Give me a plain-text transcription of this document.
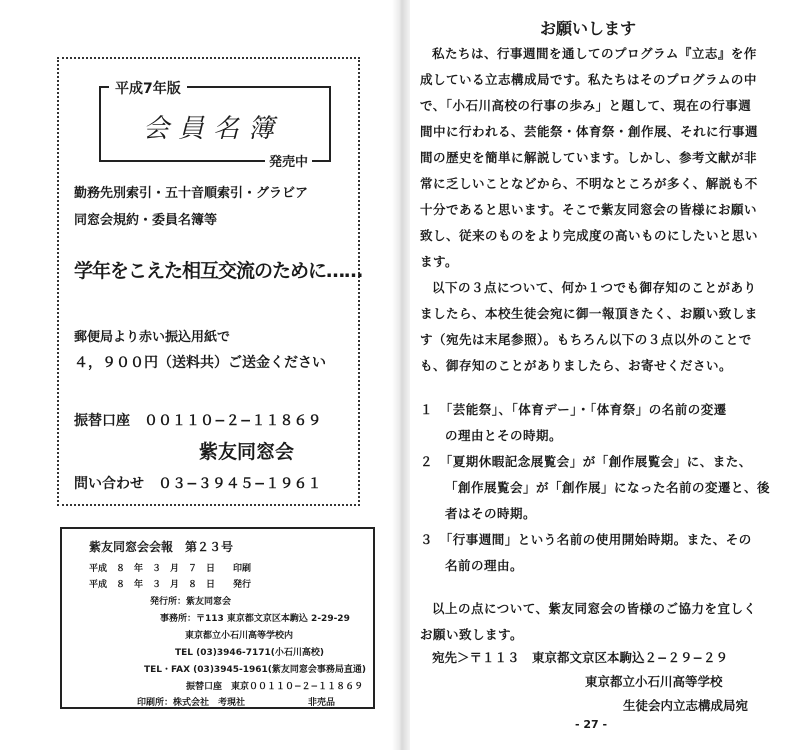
平成7年版
会員名簿
発売中
勤務先別索引・五十音順索引・グラビア
同窓会規約・委員名簿等
学年をこえた相互交流のために……
郵便局より赤い振込用紙で
４，９００円（送料共）ご送金ください
振替口座　００１１０−２−１１８６９
紫友同窓会
問い合わせ　０３−３９４５−１９６１
紫友同窓会会報　第２３号
平成　８　年　３　月　７　日　　印刷
平成　８　年　３　月　８　日　　発行
発行所：紫友同窓会
事務所：〒113 東京都文京区本駒込 2-29-29
東京都立小石川高等学校内
TEL (03)3946-7171(小石川高校)
TEL・FAX (03)3945-1961(紫友同窓会事務局直通)
振替口座　東京００１１０−２−１１８６９
印刷所：株式会社　考現社	非売品
お願いします
私たちは、行事週間を通してのプログラム『立志』を作
成している立志構成局です。私たちはそのプログラムの中
で、「小石川高校の行事の歩み」と題して、現在の行事週
間中に行われる、芸能祭・体育祭・創作展、それに行事週
間の歴史を簡単に解説しています。しかし、参考文献が非
常に乏しいことなどから、不明なところが多く、解説も不
十分であると思います。そこで紫友同窓会の皆様にお願い
致し、従来のものをより完成度の高いものにしたいと思い
ます。
以下の３点について、何か１つでも御存知のことがあり
ましたら、本校生徒会宛に御一報頂きたく、お願い致しま
す（宛先は末尾参照）。もちろん以下の３点以外のことで
も、御存知のことがありましたら、お寄せください。
１　「芸能祭」、「体育デー」・「体育祭」の名前の変遷
の理由とその時期。
２　「夏期休暇記念展覧会」が「創作展覧会」に、また、
「創作展覧会」が「創作展」になった名前の変遷と、後
者はその時期。
３　「行事週間」という名前の使用開始時期。また、その
名前の理由。
以上の点について、紫友同窓会の皆様のご協力を宜しく
お願い致します。
宛先＞〒１１３　東京都文京区本駒込２−２９−２９
東京都立小石川高等学校
生徒会内立志構成局宛
- 27 -
